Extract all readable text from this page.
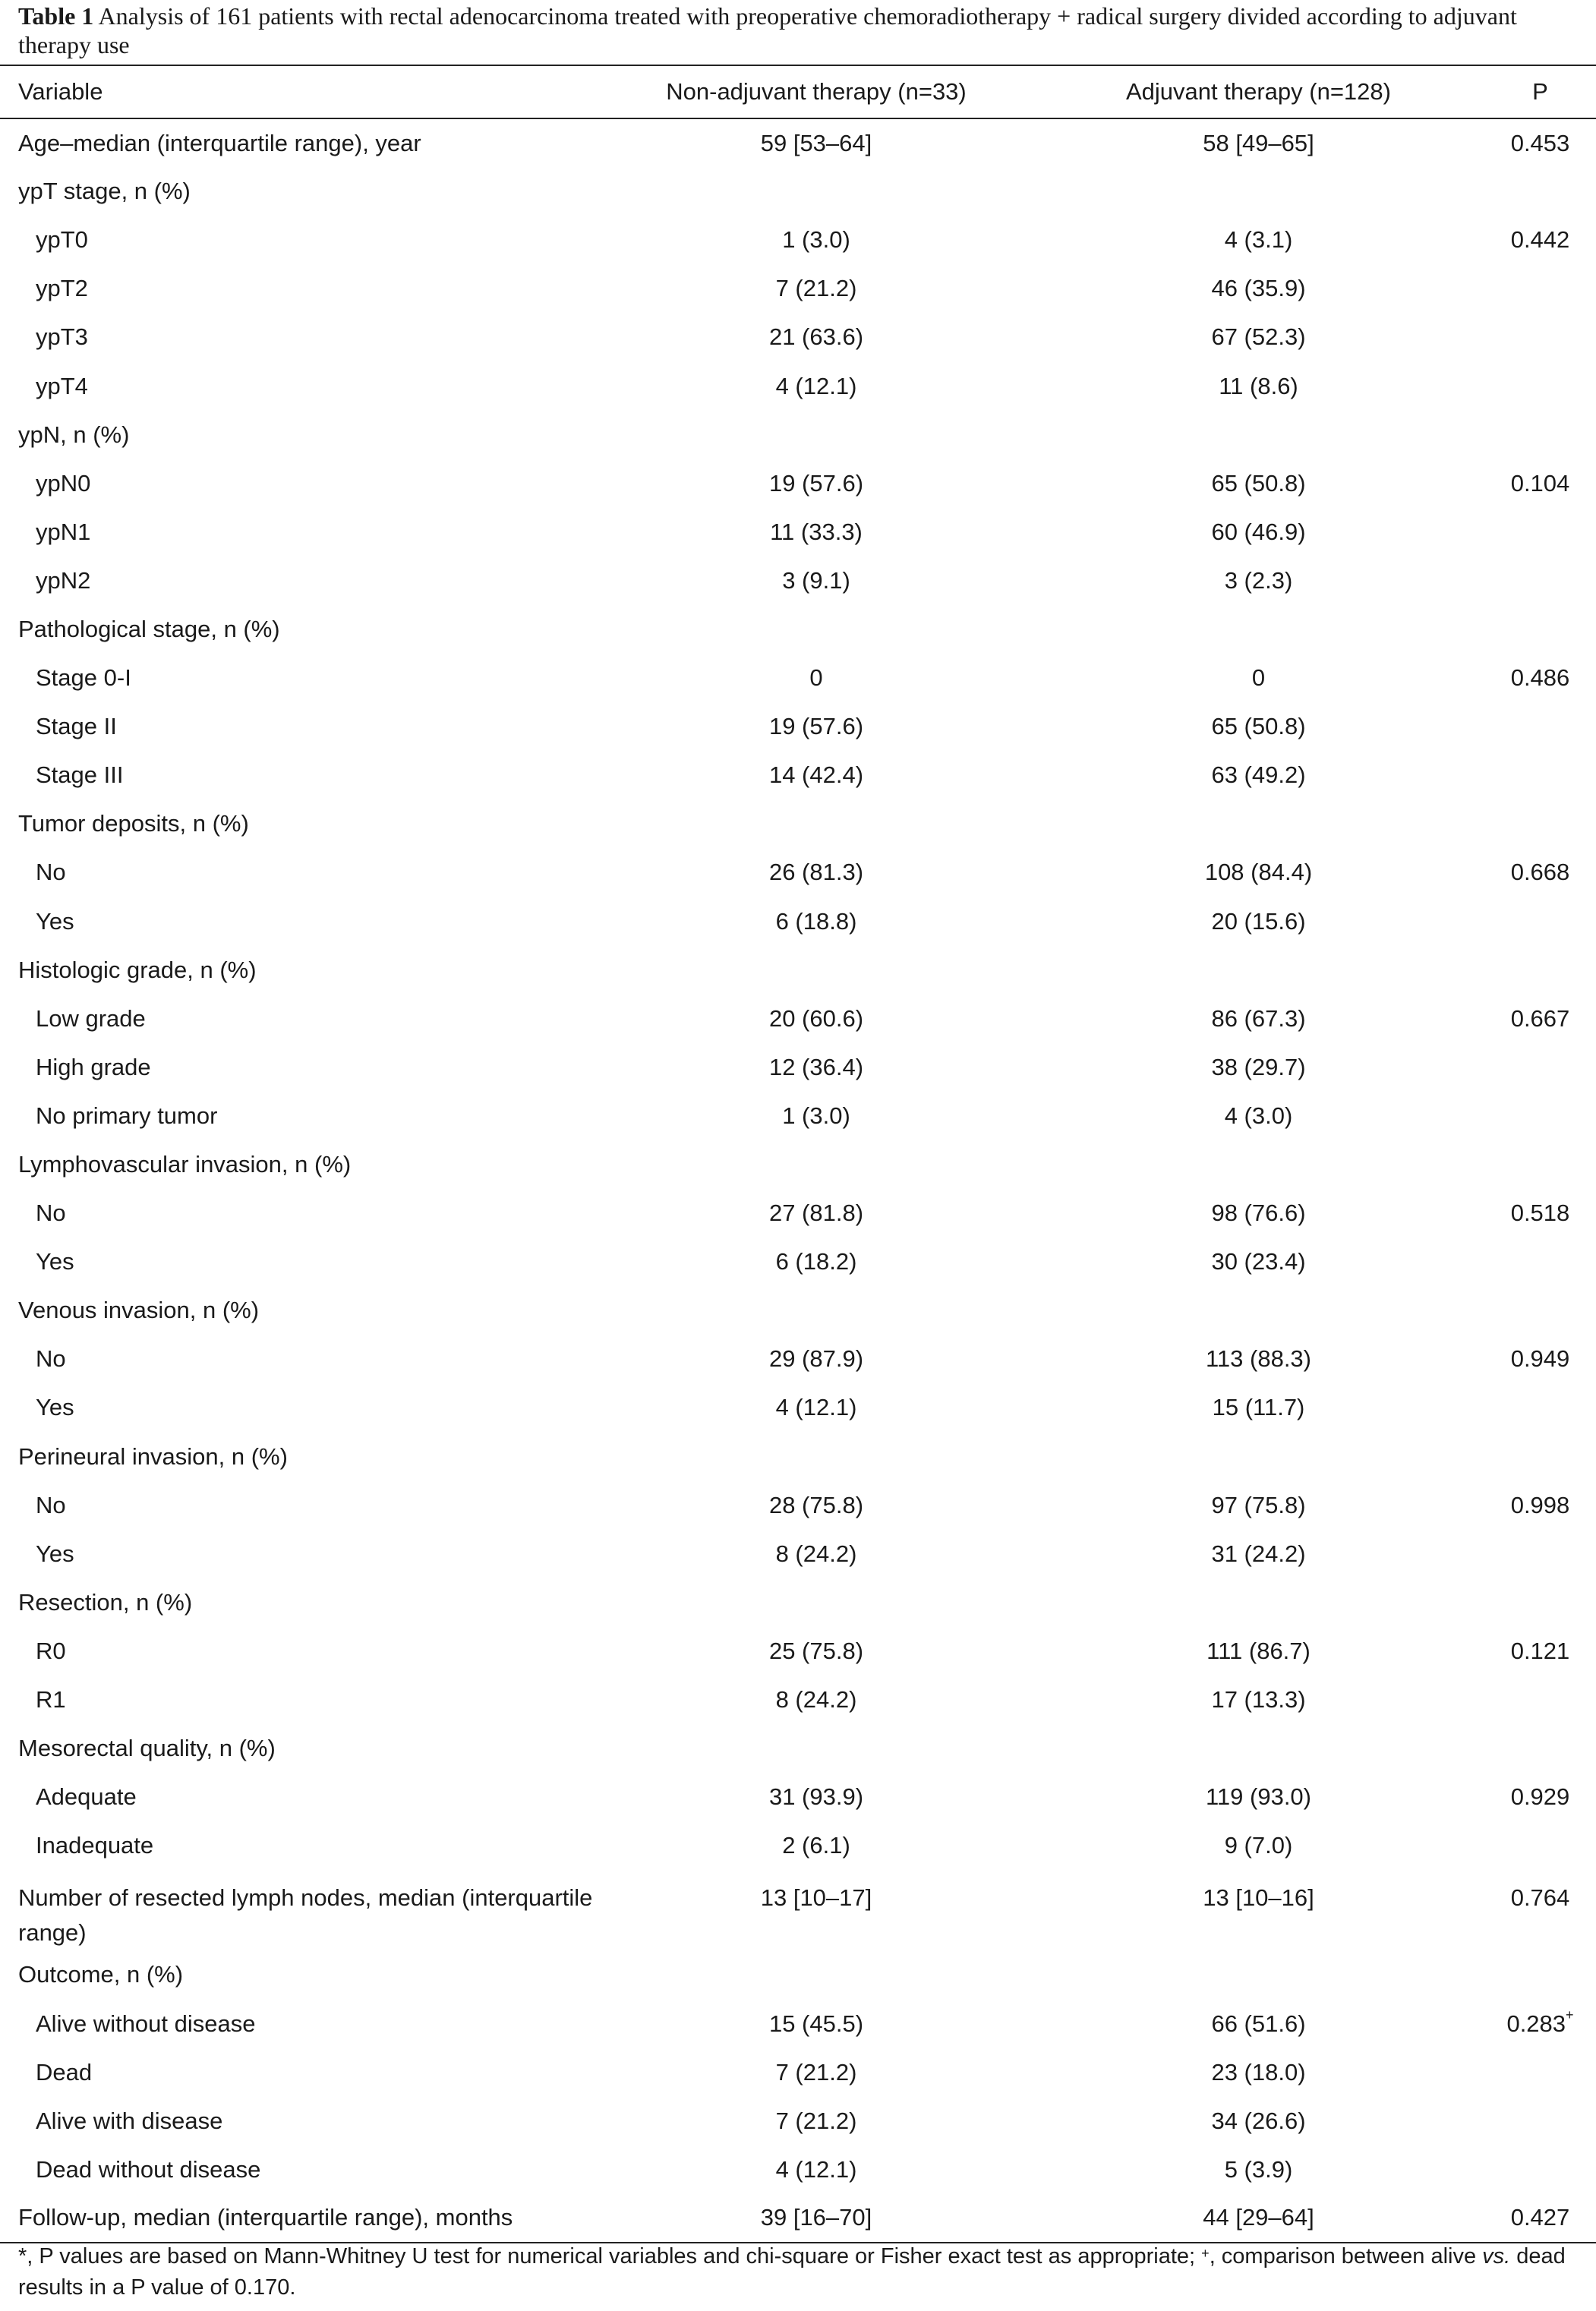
Table 1 Analysis of 161 patients with rectal adenocarcinoma treated with preoperative chemoradiotherapy + radical surgery divided according to adjuvant therapy use
Variable	Non-adjuvant therapy (n=33)	Adjuvant therapy (n=128)	P
Age–median (interquartile range), year	59 [53–64]	58 [49–65]	0.453
ypT stage, n (%)			
ypT0	1 (3.0)	4 (3.1)	0.442
ypT2	7 (21.2)	46 (35.9)	
ypT3	21 (63.6)	67 (52.3)	
ypT4	4 (12.1)	11 (8.6)	
ypN, n (%)			
ypN0	19 (57.6)	65 (50.8)	0.104
ypN1	11 (33.3)	60 (46.9)	
ypN2	3 (9.1)	3 (2.3)	
Pathological stage, n (%)			
Stage 0-I	0	0	0.486
Stage II	19 (57.6)	65 (50.8)	
Stage III	14 (42.4)	63 (49.2)	
Tumor deposits, n (%)			
No	26 (81.3)	108 (84.4)	0.668
Yes	6 (18.8)	20 (15.6)	
Histologic grade, n (%)			
Low grade	20 (60.6)	86 (67.3)	0.667
High grade	12 (36.4)	38 (29.7)	
No primary tumor	1 (3.0)	4 (3.0)	
Lymphovascular invasion, n (%)			
No	27 (81.8)	98 (76.6)	0.518
Yes	6 (18.2)	30 (23.4)	
Venous invasion, n (%)			
No	29 (87.9)	113 (88.3)	0.949
Yes	4 (12.1)	15 (11.7)	
Perineural invasion, n (%)			
No	28 (75.8)	97 (75.8)	0.998
Yes	8 (24.2)	31 (24.2)	
Resection, n (%)			
R0	25 (75.8)	111 (86.7)	0.121
R1	8 (24.2)	17 (13.3)	
Mesorectal quality, n (%)			
Adequate	31 (93.9)	119 (93.0)	0.929
Inadequate	2 (6.1)	9 (7.0)	
Number of resected lymph nodes, median (interquartile range)	13 [10–17]	13 [10–16]	0.764
Outcome, n (%)			
Alive without disease	15 (45.5)	66 (51.6)	0.283+
Dead	7 (21.2)	23 (18.0)	
Alive with disease	7 (21.2)	34 (26.6)	
Dead without disease	4 (12.1)	5 (3.9)	
Follow-up, median (interquartile range), months	39 [16–70]	44 [29–64]	0.427
*, P values are based on Mann-Whitney U test for numerical variables and chi-square or Fisher exact test as appropriate; +, comparison between alive vs. dead results in a P value of 0.170.
